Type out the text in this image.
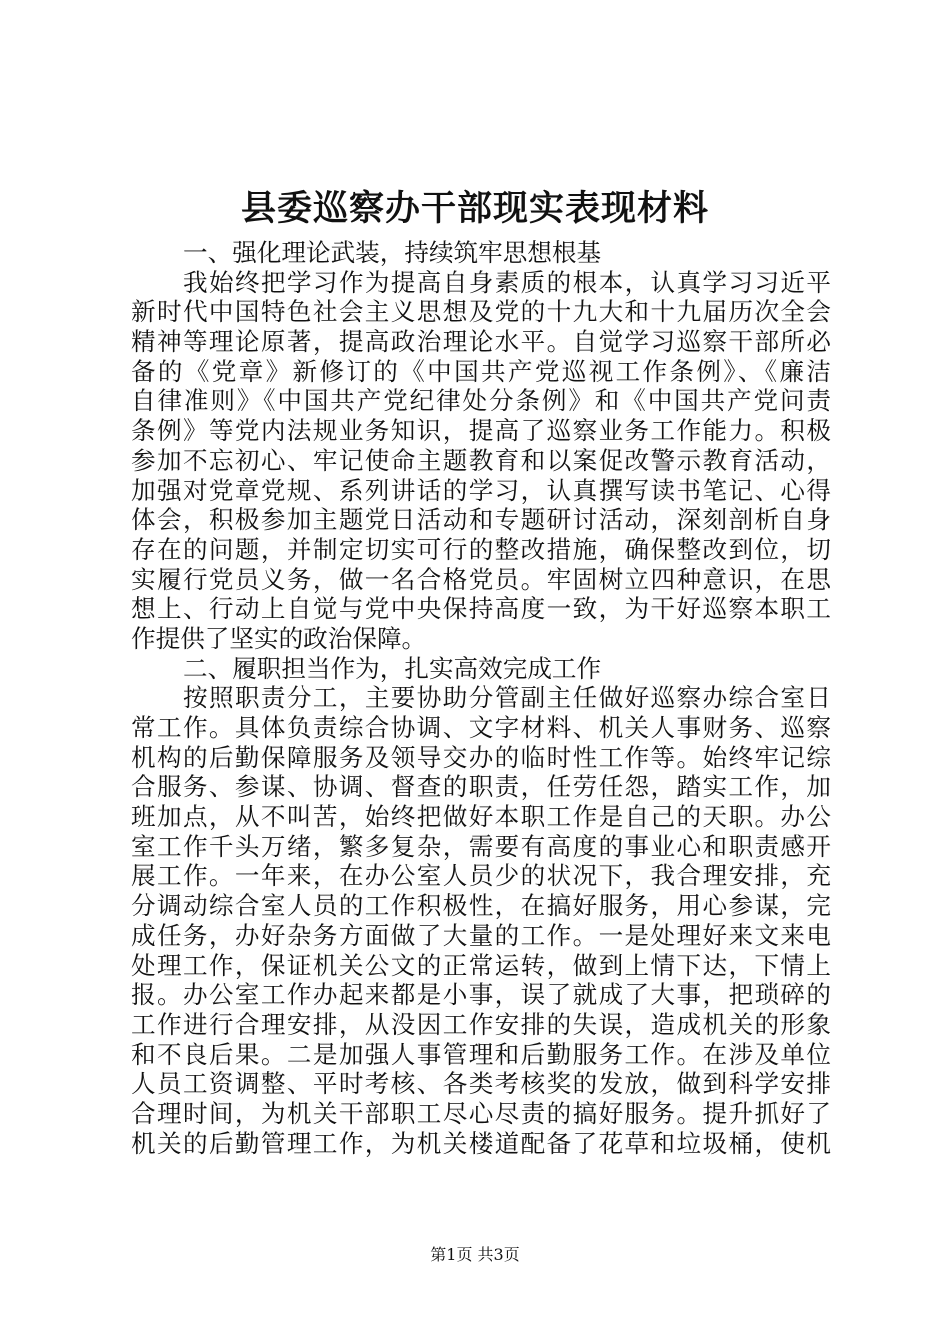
县委巡察办干部现实表现材料
一、强化理论武装，持续筑牢思想根基
我始终把学习作为提高自身素质的根本，认真学习习近平
新时代中国特色社会主义思想及党的十九大和十九届历次全会
精神等理论原著，提高政治理论水平。自觉学习巡察干部所必
备的《党章》新修订的《中国共产党巡视工作条例》、《廉洁
自律准则》《中国共产党纪律处分条例》和《中国共产党问责
条例》等党内法规业务知识，提高了巡察业务工作能力。积极
参加不忘初心、牢记使命主题教育和以案促改警示教育活动，
加强对党章党规、系列讲话的学习，认真撰写读书笔记、心得
体会，积极参加主题党日活动和专题研讨活动，深刻剖析自身
存在的问题，并制定切实可行的整改措施，确保整改到位，切
实履行党员义务，做一名合格党员。牢固树立四种意识，在思
想上、行动上自觉与党中央保持高度一致，为干好巡察本职工
作提供了坚实的政治保障。
二、履职担当作为，扎实高效完成工作
按照职责分工，主要协助分管副主任做好巡察办综合室日
常工作。具体负责综合协调、文字材料、机关人事财务、巡察
机构的后勤保障服务及领导交办的临时性工作等。始终牢记综
合服务、参谋、协调、督查的职责，任劳任怨，踏实工作，加
班加点，从不叫苦，始终把做好本职工作是自己的天职。办公
室工作千头万绪，繁多复杂，需要有高度的事业心和职责感开
展工作。一年来，在办公室人员少的状况下，我合理安排，充
分调动综合室人员的工作积极性，在搞好服务，用心参谋，完
成任务，办好杂务方面做了大量的工作。一是处理好来文来电
处理工作，保证机关公文的正常运转，做到上情下达，下情上
报。办公室工作办起来都是小事，误了就成了大事，把琐碎的
工作进行合理安排，从没因工作安排的失误，造成机关的形象
和不良后果。二是加强人事管理和后勤服务工作。在涉及单位
人员工资调整、平时考核、各类考核奖的发放，做到科学安排
合理时间，为机关干部职工尽心尽责的搞好服务。提升抓好了
机关的后勤管理工作，为机关楼道配备了花草和垃圾桶，使机
第1页 共3页
